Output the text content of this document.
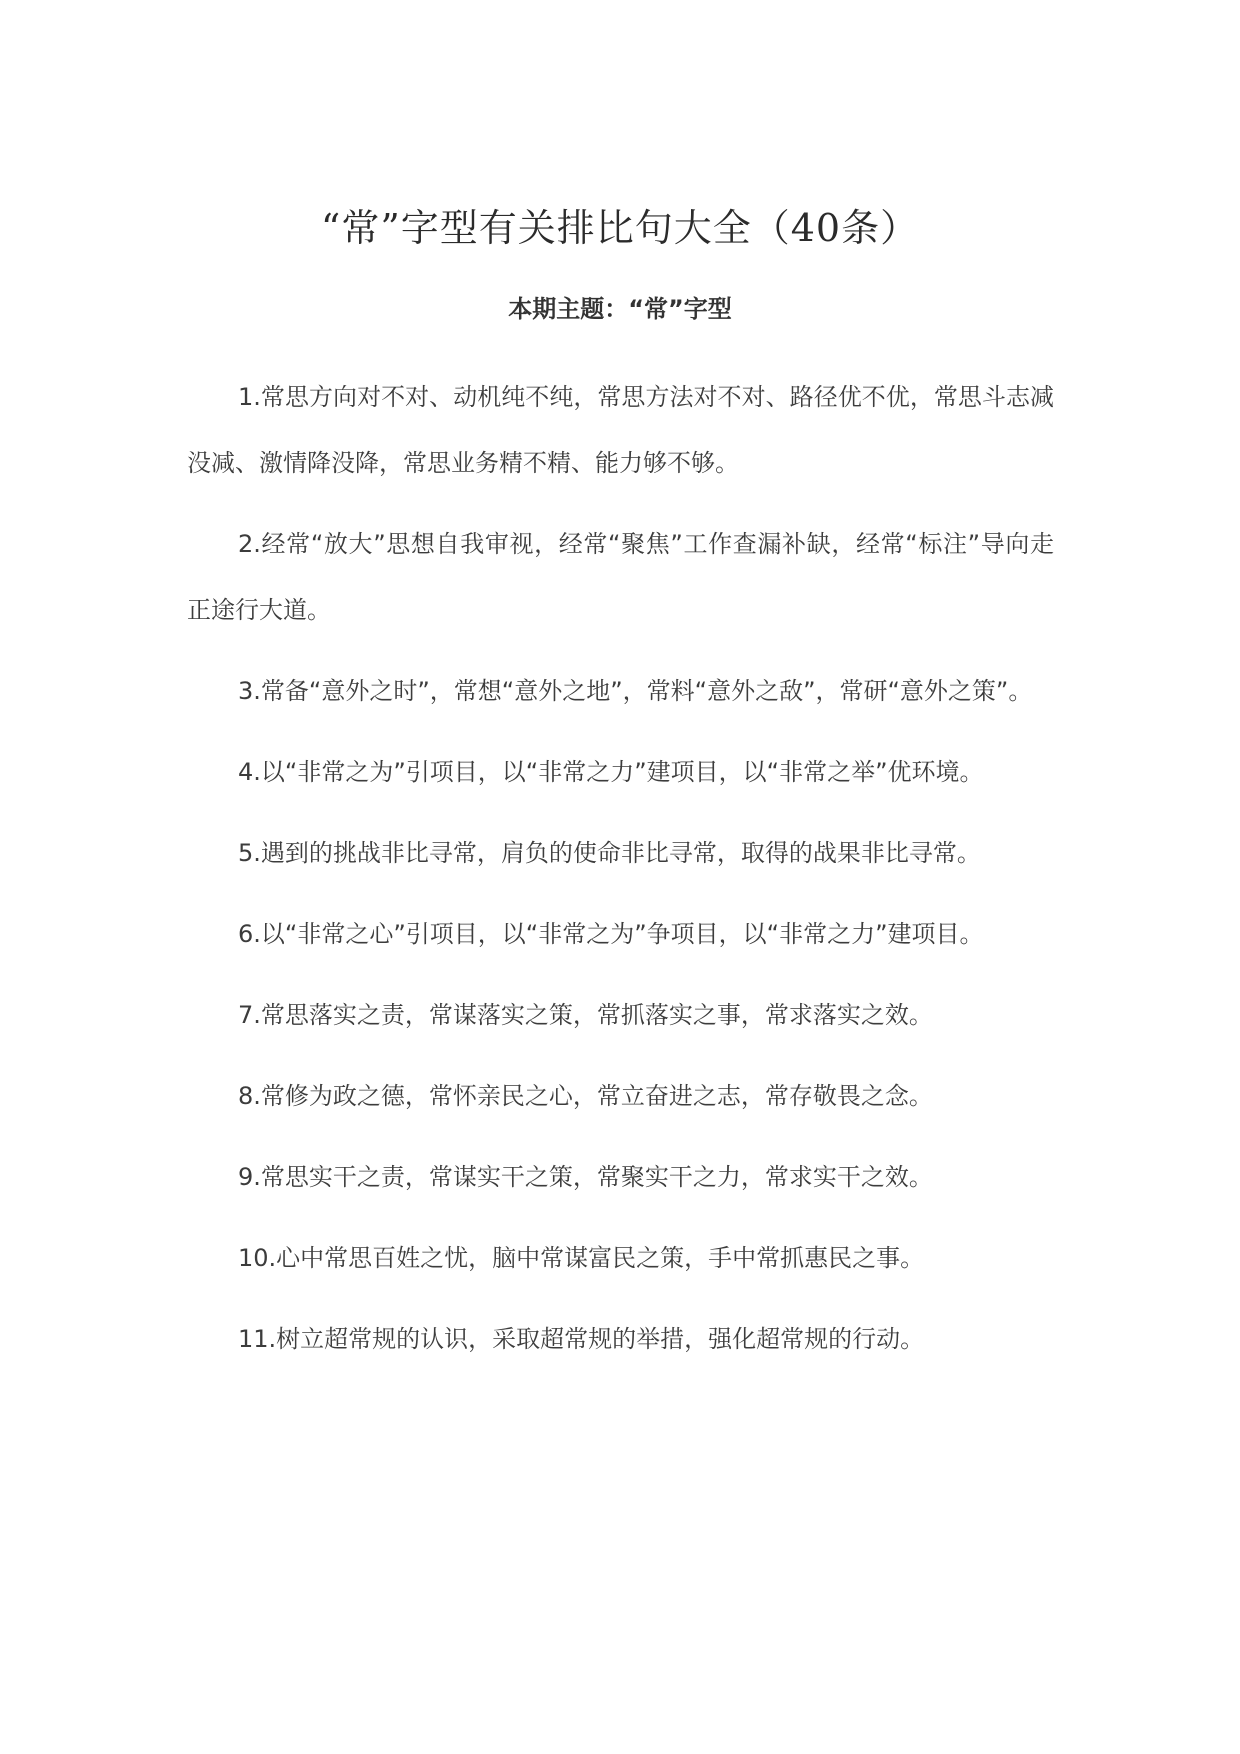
“常”字型有关排比句大全（40条）
本期主题：“常”字型

1.常思方向对不对、动机纯不纯，常思方法对不对、路径优不优，常思斗志减没减、激情降没降，常思业务精不精、能力够不够。

2.经常“放大”思想自我审视，经常“聚焦”工作查漏补缺，经常“标注”导向走正途行大道。

3.常备“意外之时”，常想“意外之地”，常料“意外之敌”，常研“意外之策”。

4.以“非常之为”引项目，以“非常之力”建项目，以“非常之举”优环境。

5.遇到的挑战非比寻常，肩负的使命非比寻常，取得的战果非比寻常。

6.以“非常之心”引项目，以“非常之为”争项目，以“非常之力”建项目。

7.常思落实之责，常谋落实之策，常抓落实之事，常求落实之效。

8.常修为政之德，常怀亲民之心，常立奋进之志，常存敬畏之念。

9.常思实干之责，常谋实干之策，常聚实干之力，常求实干之效。

10.心中常思百姓之忧，脑中常谋富民之策，手中常抓惠民之事。

11.树立超常规的认识，采取超常规的举措，强化超常规的行动。
